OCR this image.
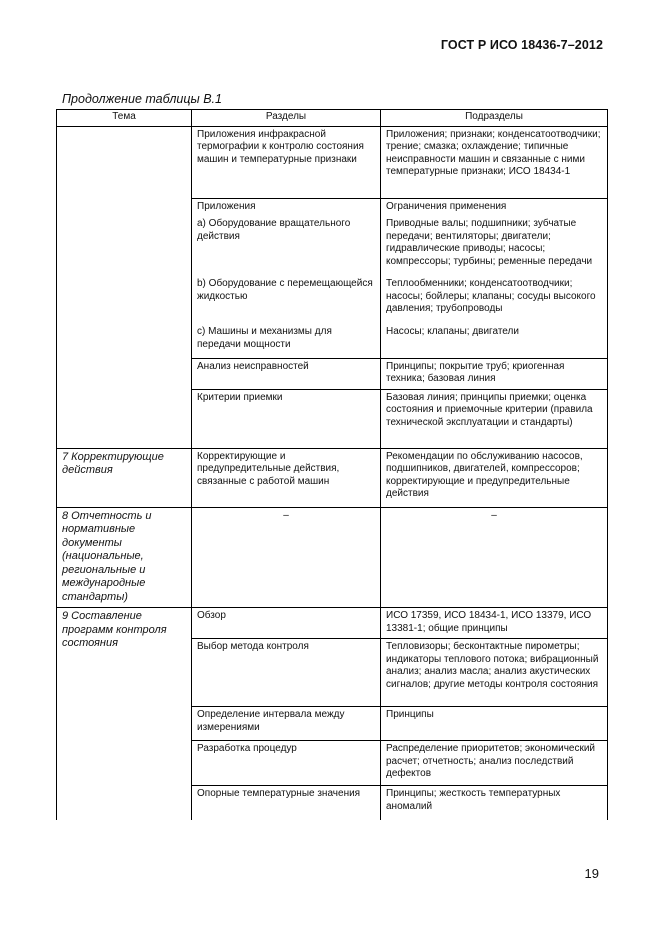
ГОСТ Р ИСО 18436-7–2012
Продолжение таблицы В.1
Тема	Разделы	Подразделы
	Приложения инфракрасной термографии к контролю состояния машин и температурные признаки	Приложения; признаки; конденсатоотводчики; трение; смазка; охлаждение; типичные неисправности машин и связанные с ними температурные признаки; ИСО 18434-1
	Приложения	Ограничения применения
	a) Оборудование вращательного действия	Приводные валы; подшипники; зубчатые передачи; вентиляторы; двигатели; гидравлические приводы; насосы; компрессоры; турбины; ременные передачи
	b) Оборудование с перемещающейся жидкостью	Теплообменники; конденсатоотводчики; насосы; бойлеры; клапаны; сосуды высокого давления; трубопроводы
	c) Машины и механизмы для передачи мощности	Насосы; клапаны; двигатели
	Анализ неисправностей	Принципы; покрытие труб; криогенная техника; базовая линия
	Критерии приемки	Базовая линия; принципы приемки; оценка состояния и приемочные критерии (правила технической эксплуатации и стандарты)
7 Корректирующие действия	Корректирующие и предупредительные действия, связанные с работой машин	Рекомендации по обслуживанию насосов, подшипников, двигателей, компрессоров; корректирующие и предупредительные действия
8 Отчетность и нормативные документы (национальные, региональные и международные стандарты)	–	–
9 Составление программ контроля состояния	Обзор	ИСО 17359, ИСО 18434-1, ИСО 13379, ИСО 13381-1; общие принципы
	Выбор метода контроля	Тепловизоры; бесконтактные пирометры; индикаторы теплового потока; вибрационный анализ; анализ масла; анализ акустических сигналов; другие методы контроля состояния
	Определение интервала между измерениями	Принципы
	Разработка процедур	Распределение приоритетов; экономический расчет; отчетность; анализ последствий дефектов
	Опорные температурные значения	Принципы; жесткость температурных аномалий
19
